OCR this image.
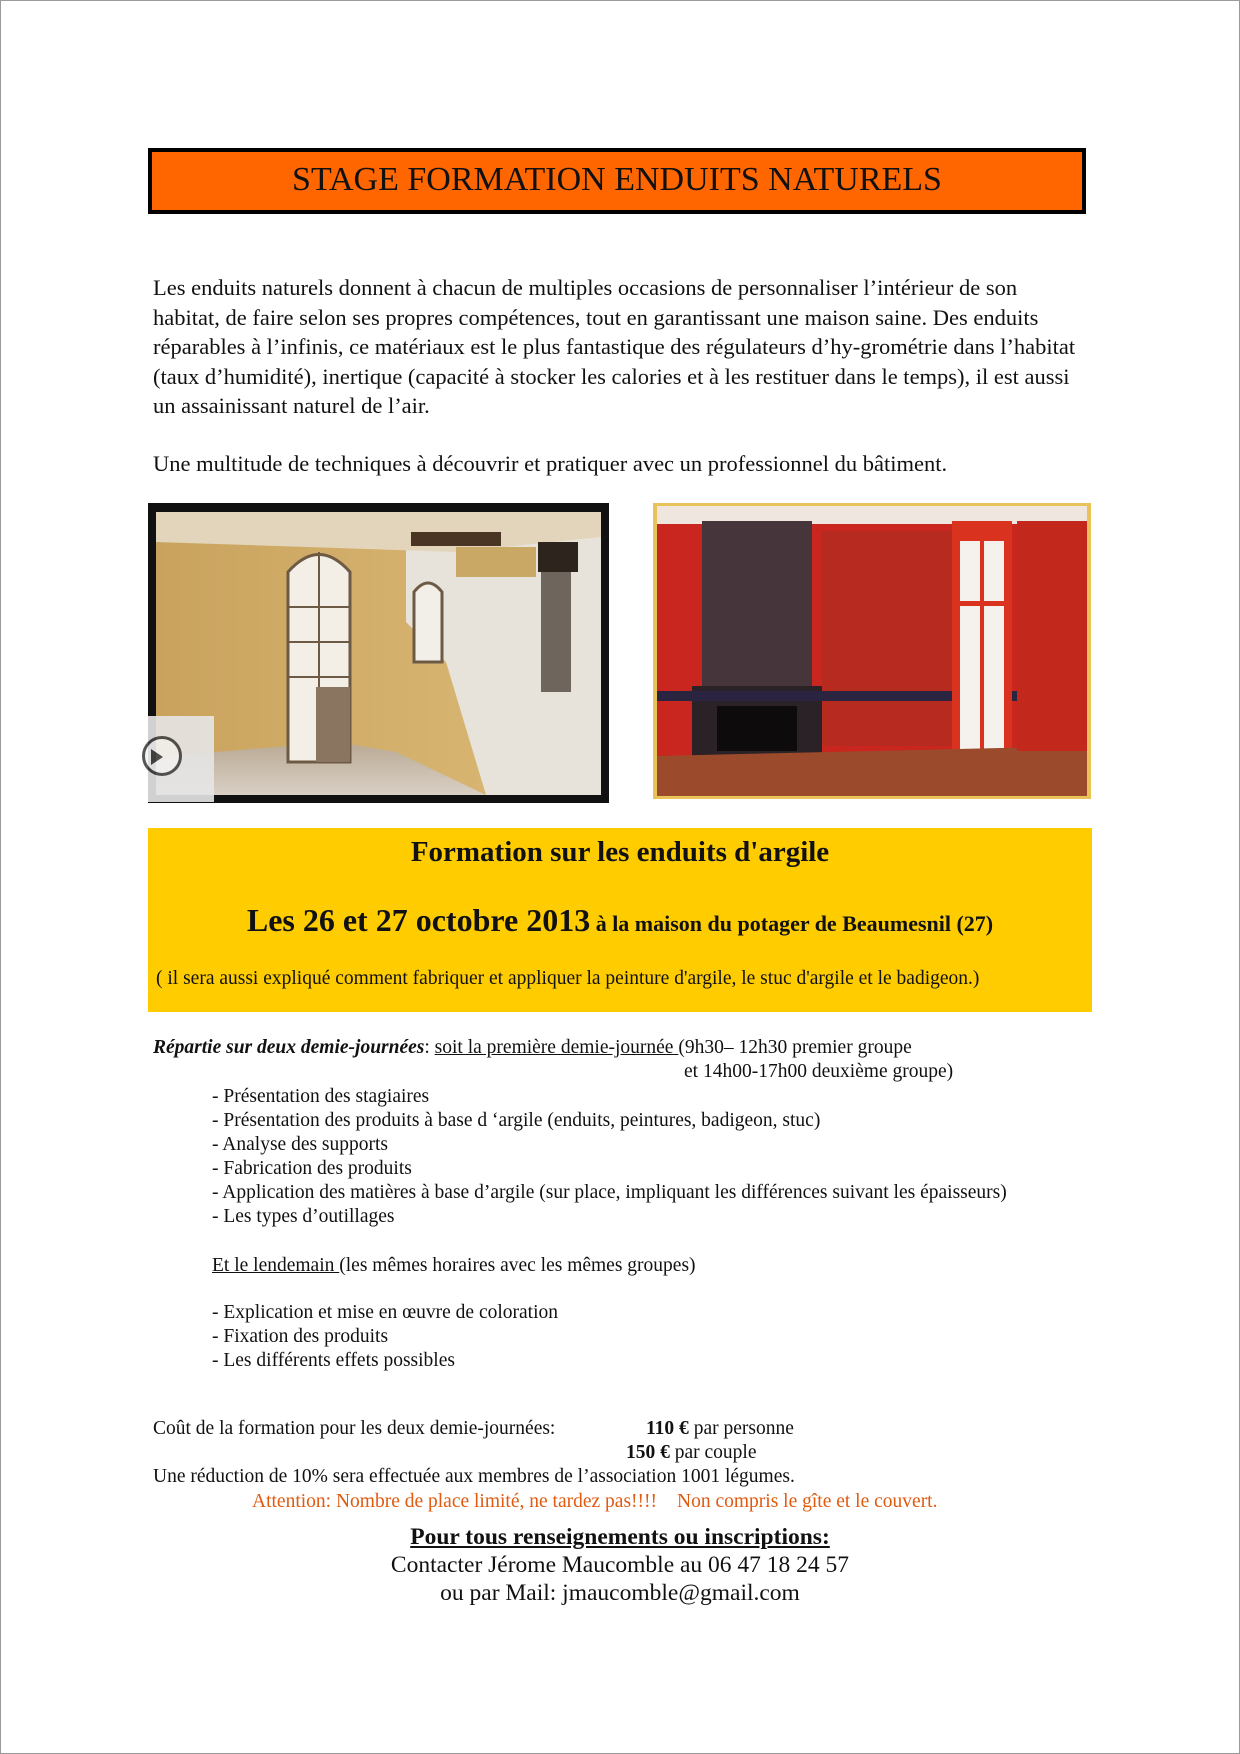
STAGE FORMATION ENDUITS NATURELS

Les enduits naturels donnent à chacun de multiples occasions de personnaliser l’intérieur de son habitat, de faire selon ses propres compétences, tout en garantissant une maison saine. Des enduits réparables à l’infinis, ce matériaux est le plus fantastique des régulateurs d’hy-grométrie dans l’habitat (taux d’humidité), inertique (capacité à stocker les calories et à les restituer dans le temps), il est aussi un assainissant naturel de l’air.

Une multitude de techniques à découvrir et pratiquer avec un professionnel du bâtiment.

Formation sur les enduits d'argile
Les 26 et 27 octobre 2013 à la maison du potager de Beaumesnil (27)
( il sera aussi expliqué comment fabriquer et appliquer la peinture d'argile, le stuc d'argile et le badigeon.)
Répartie sur deux demie-journées: soit la première demie-journée (9h30– 12h30 premier groupe
et 14h00-17h00 deuxième groupe)
- Présentation des stagiaires
- Présentation des produits à base d ‘argile (enduits, peintures, badigeon, stuc)
- Analyse des supports
- Fabrication des produits
- Application des matières à base d’argile (sur place, impliquant les différences suivant les épaisseurs)
- Les types d’outillages
Et le lendemain (les mêmes horaires avec les mêmes groupes)
- Explication et mise en œuvre de coloration
- Fixation des produits
- Les différents effets possibles
Coût de la formation pour les deux demie-journées:	110 € par personne
150 € par couple
Une réduction de 10% sera effectuée aux membres de l’association 1001 légumes.
Attention: Nombre de place limité, ne tardez pas!!!! Non compris le gîte et le couvert.
Pour tous renseignements ou inscriptions:
Contacter Jérome Maucomble au 06 47 18 24 57
ou par Mail: jmaucomble@gmail.com
